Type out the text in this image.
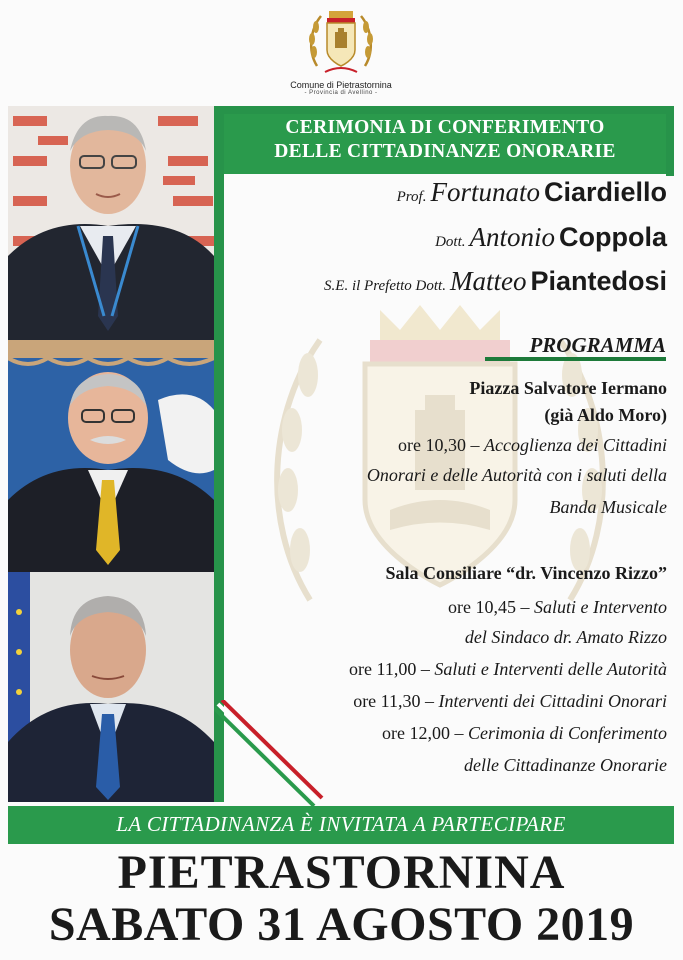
Comune di Pietrastornina
- Provincia di Avellino -
CERIMONIA DI CONFERIMENTO
DELLE CITTADINANZE ONORARIE
Prof. Fortunato Ciardiello
Dott. Antonio Coppola
S.E. il Prefetto Dott. Matteo Piantedosi
PROGRAMMA
Piazza Salvatore Iermano
(già Aldo Moro)
ore 10,30 – Accoglienza dei Cittadini
Onorari e delle Autorità con i saluti della
Banda Musicale
Sala Consiliare “dr. Vincenzo Rizzo”
ore 10,45 – Saluti e Intervento
del Sindaco dr. Amato Rizzo
ore 11,00 – Saluti e Interventi delle Autorità
ore 11,30 – Interventi dei Cittadini Onorari
ore 12,00 – Cerimonia di Conferimento
delle Cittadinanze Onorarie
LA CITTADINANZA È INVITATA A PARTECIPARE
PIETRASTORNINA
SABATO 31 AGOSTO 2019
